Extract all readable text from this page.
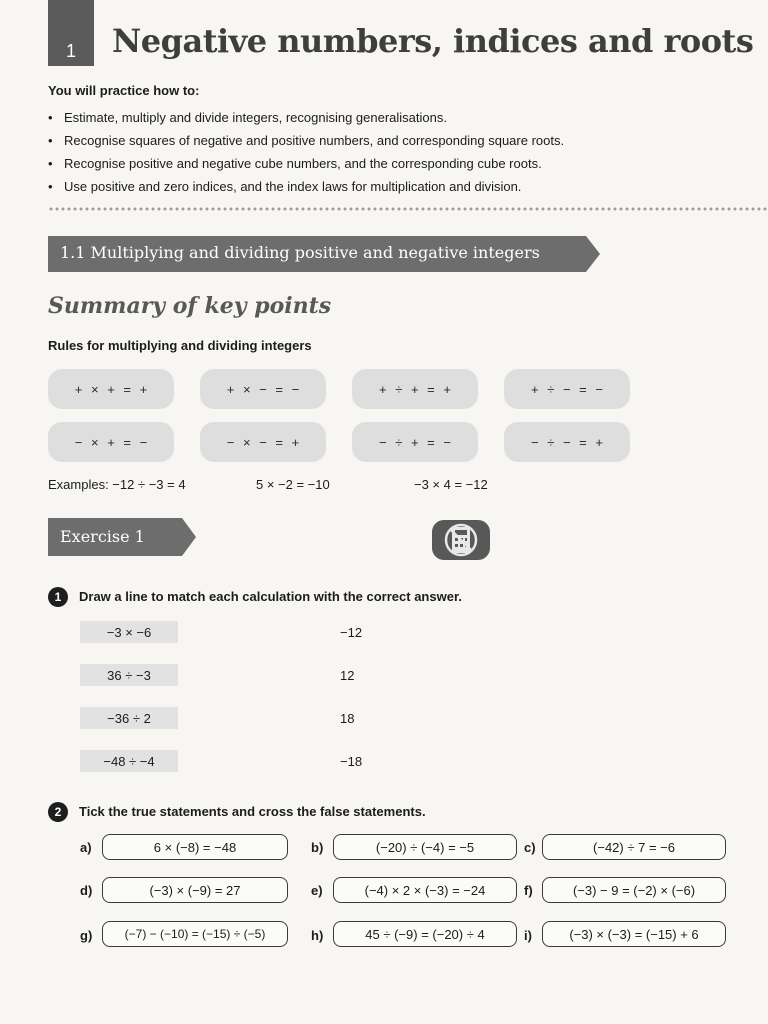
1 Negative numbers, indices and roots
You will practice how to:
• Estimate, multiply and divide integers, recognising generalisations.
• Recognise squares of negative and positive numbers, and corresponding square roots.
• Recognise positive and negative cube numbers, and the corresponding cube roots.
• Use positive and zero indices, and the index laws for multiplication and division.
1.1 Multiplying and dividing positive and negative integers
Summary of key points
Rules for multiplying and dividing integers
+ × + = +	+ × − = −	+ ÷ + = +	+ ÷ − = −
− × + = −	− × − = +	− ÷ + = −	− ÷ − = +
Examples: −12 ÷ −3 = 4	5 × −2 = −10	−3 × 4 = −12
Exercise 1
1	Draw a line to match each calculation with the correct answer.
−3 × −6
36 ÷ −3
−36 ÷ 2
−48 ÷ −4
−12
12
18
−18
2	Tick the true statements and cross the false statements.
a)	6 × (−8) = −48	b)	(−20) ÷ (−4) = −5	c)	(−42) ÷ 7 = −6
d)	(−3) × (−9) = 27	e)	(−4) × 2 × (−3) = −24	f)	(−3) − 9 = (−2) × (−6)
g)	(−7) − (−10) = (−15) ÷ (−5)	h)	45 ÷ (−9) = (−20) ÷ 4	i)	(−3) × (−3) = (−15) + 6
